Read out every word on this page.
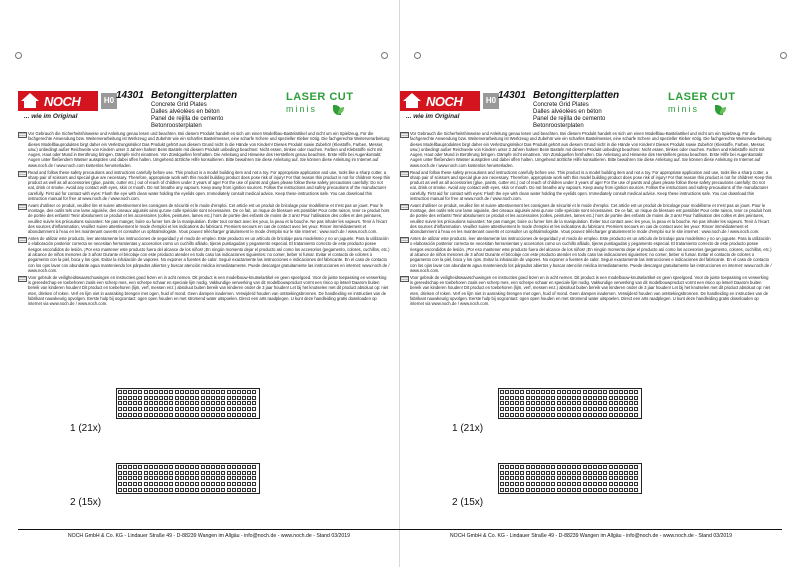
NOCH	H0
... wie im Original
14301 Betongitterplatten
Concrete Grid Plates
Dalles alvéolées en béton
Panel de rejilla de cemento
Betonroosterplaten
LASER CUT
minis
Vor Gebrauch die Sicherheitshinweise und Anleitung genau lesen und beachten. Bei diesem Produkt handelt es sich um einen Modellbau-Bastelartikel und nicht um ein Spielzeug. Für die fachgerechte Anwendung bzw. Weiterverarbeitung ist Werkzeug und Zubehör wie ein scharfes Bastelmesser, eine scharfe Schere und spezieller Kleber nötig. Die fachgerechte Weiterverarbeitung dieses Modellbauproduktes birgt daher ein Verletzungsrisiko! Das Produkt gehört aus diesem Grund nicht in die Hände von Kindern! Dieses Produkt sowie Zubehör (Kleistoffe, Farben, Messer, usw.) unbedingt außer Reichweite von Kindern unter 3 Jahren halten! Beim Basteln mit diesem Produkt unbedingt beachten: Nicht essen, trinken oder rauchen. Farben und Klebstoffe nicht mit Augen, Haut oder Mund in Berührung bringen. Dämpfe nicht einatmen. Von Zündquellen fernhalten. Die Anleitung und Hinweise des Herstellers genau beachten. Erste Hilfe bei Augenkontakt: Augen unter fließendem Wasser ausspülen und dabei offen halten. Umgehend ärztliche Hilfe konsultieren. Bitte bewahren Sie diese Anleitung auf. Sie können diese Anleitung im Internet auf www.noch.de / www.noch.com kostenlos herunterladen.
Read and follow these safety precautions and instructions carefully before use. This product is a model building item and not a toy. For appropriate application and use, tools like a sharp cutter, a sharp pair of scissors and special glue are necessary. Therefore, appropriate work with this model building product does pose risk of injury! For that reason this product is not for children! Keep this product as well as all accessories (glue, paints, cutter etc.) out of reach of children under 3 years of age! For the use of paints and glues please follow these safety precautions carefully: Do not eat, drink or smoke. Avoid any contact with eyes, skin or mouth. Do not breathe any vapours. Keep away from ignition sources. Follow the instructions and safety precautions of the manufacturer carefully. First aid for contact with eyes: Flush the eye with clean water holding the eyelids open. Immediately consult medical advice. Keep these instructions safe. You can download this instruction manual for free at www.noch.de / www.noch.com.
Avant d'utiliser ce produit, veuillez lire et suivre attentivement les consignes de sécurité et le mode d'emploi. Cet article est un produit de bricolage pour modélisme et n'est pas un jouet. Pour le montage, des outils tels une lame aiguisée, des ciseaux aiguisés ainsi qu'une colle spéciale sont nécessaires. De ce fait, un risque de blessure est possible! Pour cette raison, tenir ce produit hors de portée des enfants! Tenir absolument ce produit et les accessoires (colles, peintures, lames etc.) hors de portée des enfants de moins de 3 ans! Pour l'utilisation des colles et des peintures, veuillez suivre les précautions suivantes: Ne pas manger, boire ou fumer lors de la manipulation. Éviter tout contact avec les yeux, la peau et la bouche. Ne pas inhaler les vapeurs. Tenir à l'écart des sources d'inflammation. Veuillez suivre attentivement le mode d'emploi et les indications du fabricant. Premiers secours en cas de contact avec les yeux: Rincer immédiatement et abondamment à l'eau en les maintenant ouverts et consulter un ophtalmologiste. Vous pouvez télécharger gratuitement le mode d'emploi sur le site internet : www.noch.de / www.noch.com.
Antes de utilizar este producto, leer atentamente las instrucciones de seguridad y el modo de empleo. Este producto es un artículo de bricolaje para modelismo y no un juguete. Para la utilización o elaboración posterior correcta se necesitan herramientas y accesorios como un cuchillo afilado, tijeras puntiagudas y pegamento especial. El tratamiento correcto de este producto posee riesgos escondidos de lesión. ¡Por eso mantener este producto fuera del alcance de los niños! ¡En ningún momento dejar el producto así como los accesorios (pegamento, colores, cuchillos, etc.) al alcance de niños menores de 3 años! Durante el bricolaje con este producto atender en todo caso las indicaciones siguientes: no comer, beber ni fumar. Evitar el contacto de colores o pegamento con la piel, boca y los ojos. Evitar la inhalación de vapores. No exponer a fuentes de calor. Seguir exactamente las instrucciones e indicaciones del fabricante. En el caso de contacto con los ojos lavar con abundante agua manteniendo los párpados abiertos y buscar atención médica inmediatamente. Puede descargar gratuitamente las instrucciones en internet: www.noch.de / www.noch.com.
Voor gebruik de veiligheidswaarschuwingen en instructies goed lezen en in acht nemen. Dit product is een modelbouw-knutselartikel en geen speelgoed. Voor de juiste toepassing en verwerking is gereedschap en toebehoren zoals een scherp mes, een scherpe schaar en speciale lijm nodig. Vakkundige verwerking van dit modelbouwproduct vormt een risico op letsel! Daarom buiten bereik van kinderen houden! Dit product en toebehoren (lijm, verf, messen enz.) absoluut buiten bereik van kinderen onder de 3 jaar houden! Let bij het knutselen met dit product absoluut op: niet eten, drinken of roken. Verf en lijm niet in aanraking brengen met ogen, huid of mond. Geen dampen inademen. Verwijderd houden van ontstekingsbronnen. De handleiding en instructies van de fabrikant nauwkeurig opvolgen. Eerste hulp bij oogcontact: ogen open houden en met stromend water uitspoelen. Direct een arts raadplegen. U kunt deze handleiding gratis downloaden op internet via www.noch.de / www.noch.com.
1 (21x)
2 (15x)
NOCH GmbH & Co. KG - Lindauer Straße 49 - D-88239 Wangen im Allgäu - info@noch.de - www.noch.de - Stand 03/2019
NOCH	H0
... wie im Original
14301 Betongitterplatten
Concrete Grid Plates
Dalles alvéolées en béton
Panel de rejilla de cemento
Betonroosterplaten
LASER CUT
minis
Vor Gebrauch die Sicherheitshinweise und Anleitung genau lesen und beachten. Bei diesem Produkt handelt es sich um einen Modellbau-Bastelartikel und nicht um ein Spielzeug. Für die fachgerechte Anwendung bzw. Weiterverarbeitung ist Werkzeug und Zubehör wie ein scharfes Bastelmesser, eine scharfe Schere und spezieller Kleber nötig. Die fachgerechte Weiterverarbeitung dieses Modellbauproduktes birgt daher ein Verletzungsrisiko! Das Produkt gehört aus diesem Grund nicht in die Hände von Kindern! Dieses Produkt sowie Zubehör (Kleistoffe, Farben, Messer, usw.) unbedingt außer Reichweite von Kindern unter 3 Jahren halten! Beim Basteln mit diesem Produkt unbedingt beachten: Nicht essen, trinken oder rauchen. Farben und Klebstoffe nicht mit Augen, Haut oder Mund in Berührung bringen. Dämpfe nicht einatmen. Von Zündquellen fernhalten. Die Anleitung und Hinweise des Herstellers genau beachten. Erste Hilfe bei Augenkontakt: Augen unter fließendem Wasser ausspülen und dabei offen halten. Umgehend ärztliche Hilfe konsultieren. Bitte bewahren Sie diese Anleitung auf. Sie können diese Anleitung im Internet auf www.noch.de / www.noch.com kostenlos herunterladen.
Read and follow these safety precautions and instructions carefully before use. This product is a model building item and not a toy. For appropriate application and use, tools like a sharp cutter, a sharp pair of scissors and special glue are necessary. Therefore, appropriate work with this model building product does pose risk of injury! For that reason this product is not for children! Keep this product as well as all accessories (glue, paints, cutter etc.) out of reach of children under 3 years of age! For the use of paints and glues please follow these safety precautions carefully: Do not eat, drink or smoke. Avoid any contact with eyes, skin or mouth. Do not breathe any vapours. Keep away from ignition sources. Follow the instructions and safety precautions of the manufacturer carefully. First aid for contact with eyes: Flush the eye with clean water holding the eyelids open. Immediately consult medical advice. Keep these instructions safe. You can download this instruction manual for free at www.noch.de / www.noch.com.
Avant d'utiliser ce produit, veuillez lire et suivre attentivement les consignes de sécurité et le mode d'emploi. Cet article est un produit de bricolage pour modélisme et n'est pas un jouet. Pour le montage, des outils tels une lame aiguisée, des ciseaux aiguisés ainsi qu'une colle spéciale sont nécessaires. De ce fait, un risque de blessure est possible! Pour cette raison, tenir ce produit hors de portée des enfants! Tenir absolument ce produit et les accessoires (colles, peintures, lames etc.) hors de portée des enfants de moins de 3 ans! Pour l'utilisation des colles et des peintures, veuillez suivre les précautions suivantes: Ne pas manger, boire ou fumer lors de la manipulation. Éviter tout contact avec les yeux, la peau et la bouche. Ne pas inhaler les vapeurs. Tenir à l'écart des sources d'inflammation. Veuillez suivre attentivement le mode d'emploi et les indications du fabricant. Premiers secours en cas de contact avec les yeux: Rincer immédiatement et abondamment à l'eau en les maintenant ouverts et consulter un ophtalmologiste. Vous pouvez télécharger gratuitement le mode d'emploi sur le site internet : www.noch.de / www.noch.com.
Antes de utilizar este producto, leer atentamente las instrucciones de seguridad y el modo de empleo. Este producto es un artículo de bricolaje para modelismo y no un juguete. Para la utilización o elaboración posterior correcta se necesitan herramientas y accesorios como un cuchillo afilado, tijeras puntiagudas y pegamento especial. El tratamiento correcto de este producto posee riesgos escondidos de lesión. ¡Por eso mantener este producto fuera del alcance de los niños! ¡En ningún momento dejar el producto así como los accesorios (pegamento, colores, cuchillos, etc.) al alcance de niños menores de 3 años! Durante el bricolaje con este producto atender en todo caso las indicaciones siguientes: no comer, beber ni fumar. Evitar el contacto de colores o pegamento con la piel, boca y los ojos. Evitar la inhalación de vapores. No exponer a fuentes de calor. Seguir exactamente las instrucciones e indicaciones del fabricante. En el caso de contacto con los ojos lavar con abundante agua manteniendo los párpados abiertos y buscar atención médica inmediatamente. Puede descargar gratuitamente las instrucciones en internet: www.noch.de / www.noch.com.
Voor gebruik de veiligheidswaarschuwingen en instructies goed lezen en in acht nemen. Dit product is een modelbouw-knutselartikel en geen speelgoed. Voor de juiste toepassing en verwerking is gereedschap en toebehoren zoals een scherp mes, een scherpe schaar en speciale lijm nodig. Vakkundige verwerking van dit modelbouwproduct vormt een risico op letsel! Daarom buiten bereik van kinderen houden! Dit product en toebehoren (lijm, verf, messen enz.) absoluut buiten bereik van kinderen onder de 3 jaar houden! Let bij het knutselen met dit product absoluut op: niet eten, drinken of roken. Verf en lijm niet in aanraking brengen met ogen, huid of mond. Geen dampen inademen. Verwijderd houden van ontstekingsbronnen. De handleiding en instructies van de fabrikant nauwkeurig opvolgen. Eerste hulp bij oogcontact: ogen open houden en met stromend water uitspoelen. Direct een arts raadplegen. U kunt deze handleiding gratis downloaden op internet via www.noch.de / www.noch.com.
1 (21x)
2 (15x)
NOCH GmbH & Co. KG - Lindauer Straße 49 - D-88239 Wangen im Allgäu - info@noch.de - www.noch.de - Stand 03/2019
